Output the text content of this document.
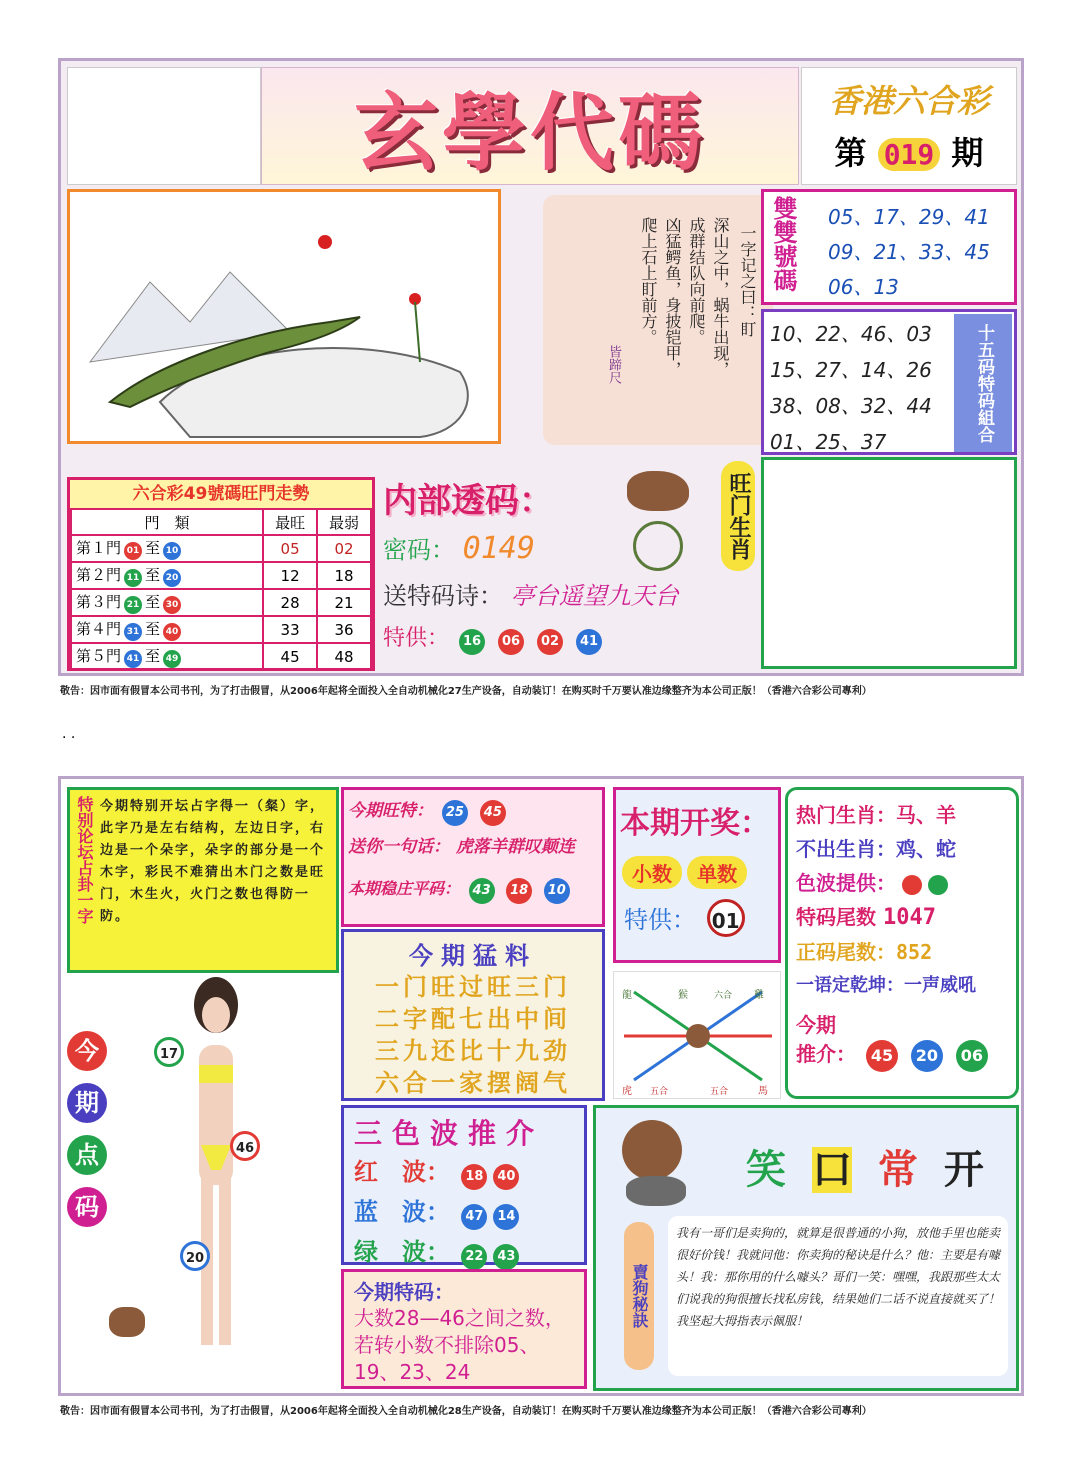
玄學代碼	香港六合彩
第 019 期
一字记之曰：盯
深山之中，蜗牛出现，
成群结队向前爬。
凶猛鳄鱼，身披铠甲，
爬上石上盯前方。
皆蹄尺
雙雙號碼 05、17、29、41
09、21、33、45
06、13
10、22、46、03
15、27、14、26
38、08、32、44
01、25、37	十五码特码組合
六合彩49號碼旺門走勢
門　類	最旺	最弱
第１門 01 至 10	05	02
第２門 11 至 20	12	18
第３門 21 至 30	28	21
第４門 31 至 40	33	36
第５門 41 至 49	45	48
内部透码：
密码： 0149
送特码诗： 亭台遥望九天台
特供： 16 06 02 41
旺门生肖
敬告：因市面有假冒本公司书刊，为了打击假冒，从2006年起将全面投入全自动机械化27生产设备，自动装订！在购买时千万要认准边缘整齐为本公司正版！（香港六合彩公司專利）
. .
特别论坛占卦一字 今期特别开坛占字得一（粲）字，此字乃是左右结构，左边日字，右边是一个朵字，朵字的部分是一个木字，彩民不难猜出木门之数是旺门，木生火，火门之数也得防一防。
今
期
点
码
17
46
20
今期旺特： 25 45
送你一句话： 虎落羊群叹颠连
本期稳庄平码： 43 18 10
今期猛料
一门旺过旺三门
二字配七出中间
三九还比十九劲
六合一家摆阔气
本期开奖：
小数 单数
特供： 01
龍	猴	六合 雞
虎 五合	五合	馬
热门生肖：马、羊
不出生肖：鸡、蛇
色波提供：
特码尾数 1047
正码尾数：852
一语定乾坤：一声威吼
今期
推介： 45 20 06
三色波推介
红　波： 18 40
蓝　波： 47 14
绿　波： 22 43
今期特码：
大数28—46之间之数，若转小数不排除05、19、23、24
笑 口 常 开
賣狗秘訣
我有一哥们是卖狗的，就算是很普通的小狗，放他手里也能卖很好价钱！我就问他：你卖狗的秘诀是什么？他：主要是有噱头！我：那你用的什么噱头？哥们一笑：嘿嘿，我跟那些太太们说我的狗很擅长找私房钱，结果她们二话不说直接就买了！我坚起大拇指表示佩服！
敬告：因市面有假冒本公司书刊，为了打击假冒，从2006年起将全面投入全自动机械化28生产设备，自动装订！在购买时千万要认准边缘整齐为本公司正版！（香港六合彩公司專利）
